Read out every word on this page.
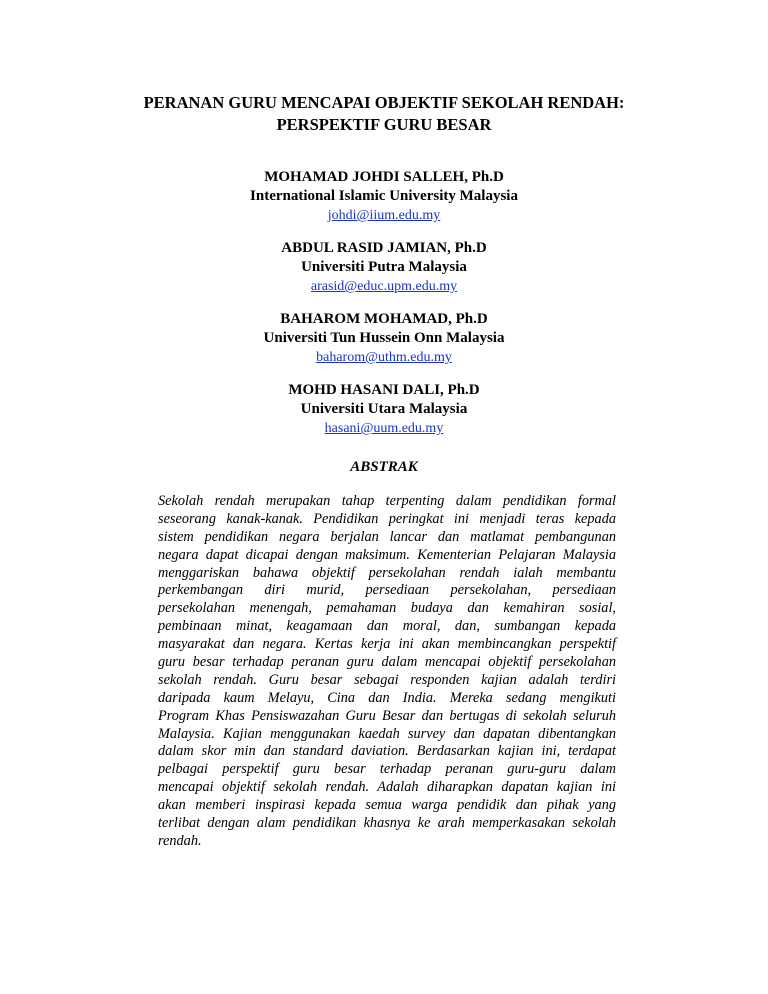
PERANAN GURU MENCAPAI OBJEKTIF SEKOLAH RENDAH:
PERSPEKTIF GURU BESAR
MOHAMAD JOHDI SALLEH, Ph.D
International Islamic University Malaysia
johdi@iium.edu.my
ABDUL RASID JAMIAN, Ph.D
Universiti Putra Malaysia
arasid@educ.upm.edu.my
BAHAROM MOHAMAD, Ph.D
Universiti Tun Hussein Onn Malaysia
baharom@uthm.edu.my
MOHD HASANI DALI, Ph.D
Universiti Utara Malaysia
hasani@uum.edu.my
ABSTRAK
Sekolah rendah merupakan tahap terpenting dalam pendidikan formal
seseorang kanak-kanak. Pendidikan peringkat ini menjadi teras kepada
sistem pendidikan negara berjalan lancar dan matlamat pembangunan
negara dapat dicapai dengan maksimum. Kementerian Pelajaran Malaysia
menggariskan bahawa objektif persekolahan rendah ialah membantu
perkembangan diri murid, persediaan persekolahan, persediaan
persekolahan menengah, pemahaman budaya dan kemahiran sosial,
pembinaan minat, keagamaan dan moral, dan, sumbangan kepada
masyarakat dan negara. Kertas kerja ini akan membincangkan perspektif
guru besar terhadap peranan guru dalam mencapai objektif persekolahan
sekolah rendah. Guru besar sebagai responden kajian adalah terdiri
daripada kaum Melayu, Cina dan India. Mereka sedang mengikuti
Program Khas Pensiswazahan Guru Besar dan bertugas di sekolah seluruh
Malaysia. Kajian menggunakan kaedah survey dan dapatan dibentangkan
dalam skor min dan standard daviation. Berdasarkan kajian ini, terdapat
pelbagai perspektif guru besar terhadap peranan guru-guru dalam
mencapai objektif sekolah rendah. Adalah diharapkan dapatan kajian ini
akan memberi inspirasi kepada semua warga pendidik dan pihak yang
terlibat dengan alam pendidikan khasnya ke arah memperkasakan sekolah
rendah.
